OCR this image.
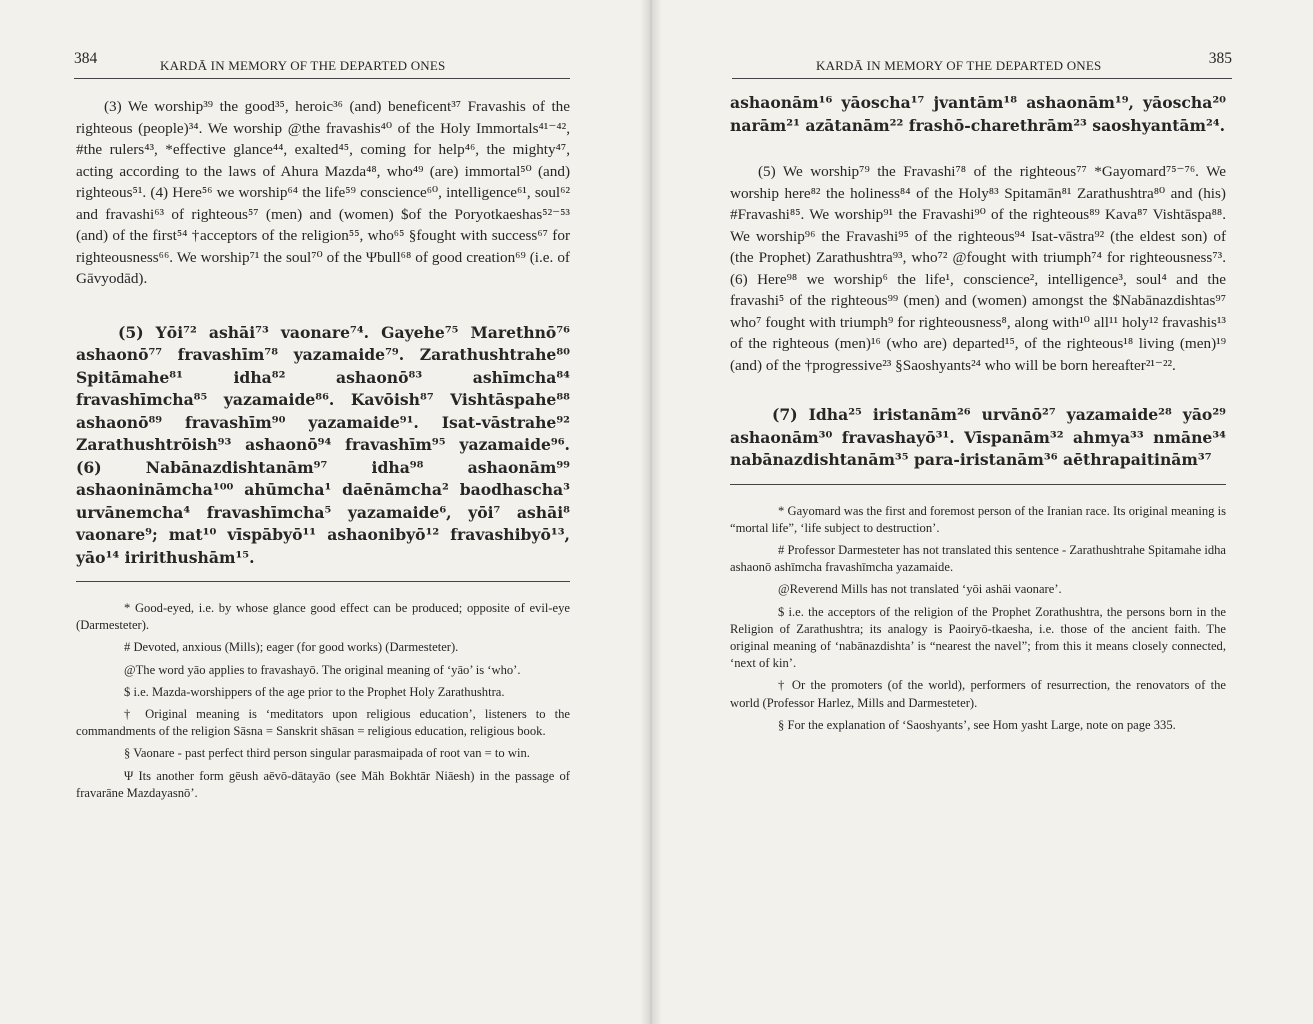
384	KARDĀ IN MEMORY OF THE DEPARTED ONES

(3) We worship³⁹ the good³⁵, heroic³⁶ (and) beneficent³⁷ Fravashis of the righteous (people)³⁴. We worship @the fravashis⁴⁰ of the Holy Immortals⁴¹⁻⁴², #the rulers⁴³, *effective glance⁴⁴, exalted⁴⁵, coming for help⁴⁶, the mighty⁴⁷, acting according to the laws of Ahura Mazda⁴⁸, who⁴⁹ (are) immortal⁵⁰ (and) righteous⁵¹. (4) Here⁵⁶ we worship⁶⁴ the life⁵⁹ conscience⁶⁰, intelligence⁶¹, soul⁶² and fravashi⁶³ of righteous⁵⁷ (men) and (women) $of the Poryotkaeshas⁵²⁻⁵³ (and) of the first⁵⁴ †acceptors of the religion⁵⁵, who⁶⁵ §fought with success⁶⁷ for righteousness⁶⁶. We worship⁷¹ the soul⁷⁰ of the Ψbull⁶⁸ of good creation⁶⁹ (i.e. of Gāvyodād).

(5) Yōi⁷² ashāi⁷³ vaonare⁷⁴. Gayehe⁷⁵ Marethnō⁷⁶ ashaonō⁷⁷ fravashīm⁷⁸ yazamaide⁷⁹. Zarathushtrahe⁸⁰ Spitāmahe⁸¹ idha⁸² ashaonō⁸³ ashīmcha⁸⁴ fravashīmcha⁸⁵ yazamaide⁸⁶. Kavōish⁸⁷ Vishtāspahe⁸⁸ ashaonō⁸⁹ fravashīm⁹⁰ yazamaide⁹¹. Isat-vāstrahe⁹² Zarathushtrōish⁹³ ashaonō⁹⁴ fravashīm⁹⁵ yazamaide⁹⁶. (6) Nabānazdishtanām⁹⁷ idha⁹⁸ ashaonām⁹⁹ ashaonināmcha¹⁰⁰ ahūmcha¹ daēnāmcha² baodhascha³ urvānemcha⁴ fravashīmcha⁵ yazamaide⁶, yōi⁷ ashāi⁸ vaonare⁹; mat¹⁰ vīspābyō¹¹ ashaonibyō¹² fravashibyō¹³, yāo¹⁴ iririthushām¹⁵.

* Good-eyed, i.e. by whose glance good effect can be produced; opposite of evil-eye (Darmesteter).

# Devoted, anxious (Mills); eager (for good works) (Darmesteter).

@The word yāo applies to fravashayō. The original meaning of ‘yāo’ is ‘who’.

$ i.e. Mazda-worshippers of the age prior to the Prophet Holy Zarathushtra.

† Original meaning is ‘meditators upon religious education’, listeners to the commandments of the religion Sāsna = Sanskrit shāsan = religious education, religious book.

§ Vaonare - past perfect third person singular parasmaipada of root van = to win.

Ψ Its another form gēush aēvō-dātayāo (see Māh Bokhtār Niāesh) in the passage of fravarāne Mazdayasnō’.

KARDĀ IN MEMORY OF THE DEPARTED ONES	385

ashaonām¹⁶ yāoscha¹⁷ jvantām¹⁸ ashaonām¹⁹, yāoscha²⁰ narām²¹ azātanām²² frashō-charethrām²³ saoshyantām²⁴.

(5) We worship⁷⁹ the Fravashi⁷⁸ of the righteous⁷⁷ *Gayomard⁷⁵⁻⁷⁶. We worship here⁸² the holiness⁸⁴ of the Holy⁸³ Spitamān⁸¹ Zarathushtra⁸⁰ and (his) #Fravashi⁸⁵. We worship⁹¹ the Fravashi⁹⁰ of the righteous⁸⁹ Kava⁸⁷ Vishtāspa⁸⁸. We worship⁹⁶ the Fravashi⁹⁵ of the righteous⁹⁴ Isat-vāstra⁹² (the eldest son) of (the Prophet) Zarathushtra⁹³, who⁷² @fought with triumph⁷⁴ for righteousness⁷³. (6) Here⁹⁸ we worship⁶ the life¹, conscience², intelligence³, soul⁴ and the fravashi⁵ of the righteous⁹⁹ (men) and (women) amongst the $Nabānazdishtas⁹⁷ who⁷ fought with triumph⁹ for righteousness⁸, along with¹⁰ all¹¹ holy¹² fravashis¹³ of the righteous (men)¹⁶ (who are) departed¹⁵, of the righteous¹⁸ living (men)¹⁹ (and) of the †progressive²³ §Saoshyants²⁴ who will be born hereafter²¹⁻²².

(7) Idha²⁵ iristanām²⁶ urvānō²⁷ yazamaide²⁸ yāo²⁹ ashaonām³⁰ fravashayō³¹. Vīspanām³² ahmya³³ nmāne³⁴ nabānazdishtanām³⁵ para-iristanām³⁶ aēthrapaitinām³⁷

* Gayomard was the first and foremost person of the Iranian race. Its original meaning is “mortal life”, ‘life subject to destruction’.

# Professor Darmesteter has not translated this sentence - Zarathushtrahe Spitamahe idha ashaonō ashīmcha fravashīmcha yazamaide.

@Reverend Mills has not translated ‘yōi ashāi vaonare’.

$ i.e. the acceptors of the religion of the Prophet Zorathushtra, the persons born in the Religion of Zarathushtra; its analogy is Paoiryō-tkaesha, i.e. those of the ancient faith. The original meaning of ‘nabānazdishta’ is “nearest the navel”; from this it means closely connected, ‘next of kin’.

† Or the promoters (of the world), performers of resurrection, the renovators of the world (Professor Harlez, Mills and Darmesteter).

§ For the explanation of ‘Saoshyants’, see Hom yasht Large, note on page 335.
